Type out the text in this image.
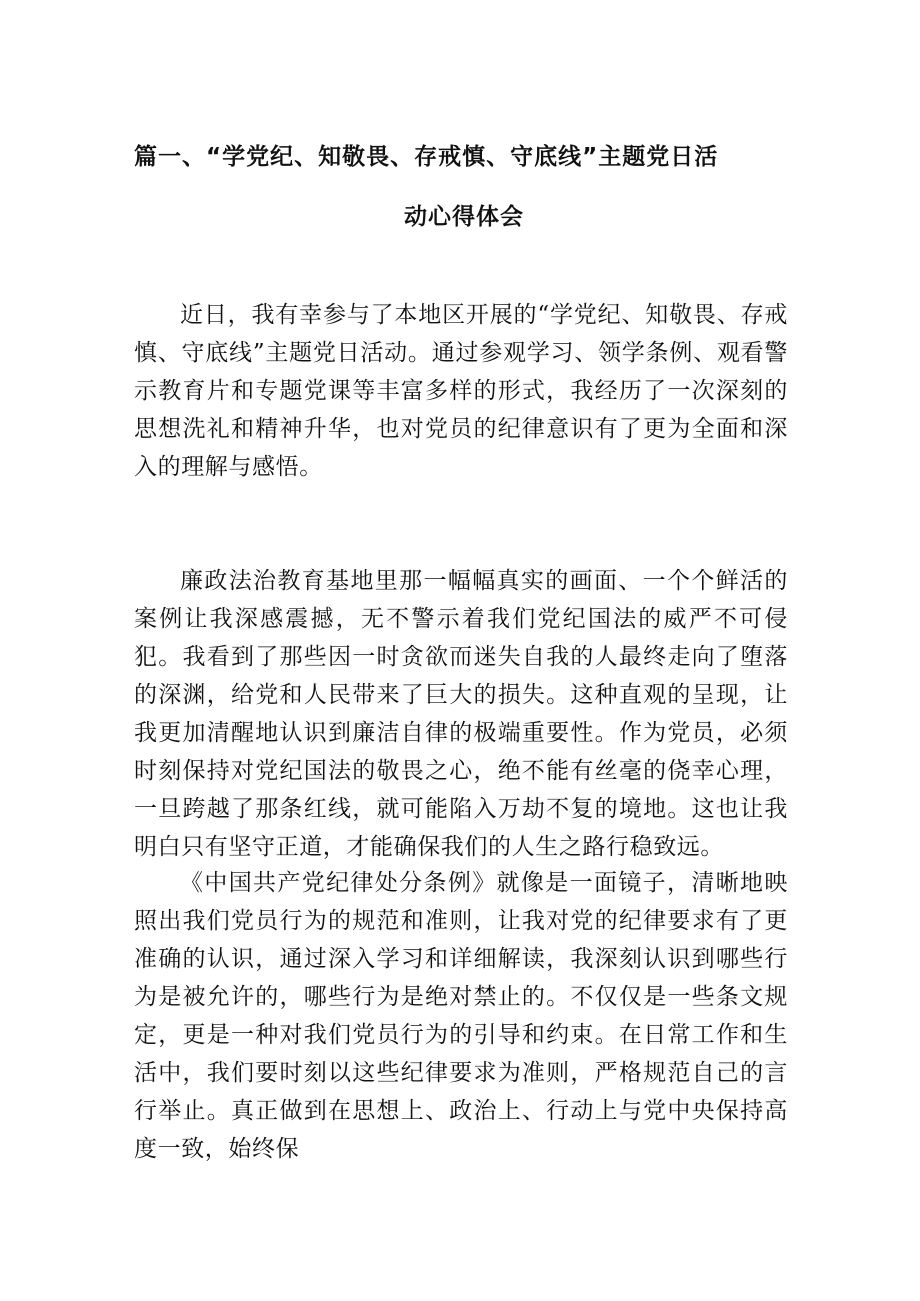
篇一、“学党纪、知敬畏、存戒慎、守底线”主题党日活
动心得体会

近日，我有幸参与了本地区开展的“学党纪、知敬畏、存戒慎、守底线”主题党日活动。通过参观学习、领学条例、观看警示教育片和专题党课等丰富多样的形式，我经历了一次深刻的思想洗礼和精神升华，也对党员的纪律意识有了更为全面和深入的理解与感悟。

廉政法治教育基地里那一幅幅真实的画面、一个个鲜活的案例让我深感震撼，无不警示着我们党纪国法的威严不可侵犯。我看到了那些因一时贪欲而迷失自我的人最终走向了堕落的深渊，给党和人民带来了巨大的损失。这种直观的呈现，让我更加清醒地认识到廉洁自律的极端重要性。作为党员，必须时刻保持对党纪国法的敬畏之心，绝不能有丝毫的侥幸心理，一旦跨越了那条红线，就可能陷入万劫不复的境地。这也让我明白只有坚守正道，才能确保我们的人生之路行稳致远。

《中国共产党纪律处分条例》就像是一面镜子，清晰地映照出我们党员行为的规范和准则，让我对党的纪律要求有了更准确的认识，通过深入学习和详细解读，我深刻认识到哪些行为是被允许的，哪些行为是绝对禁止的。不仅仅是一些条文规定，更是一种对我们党员行为的引导和约束。在日常工作和生活中，我们要时刻以这些纪律要求为准则，严格规范自己的言行举止。真正做到在思想上、政治上、行动上与党中央保持高度一致，始终保
